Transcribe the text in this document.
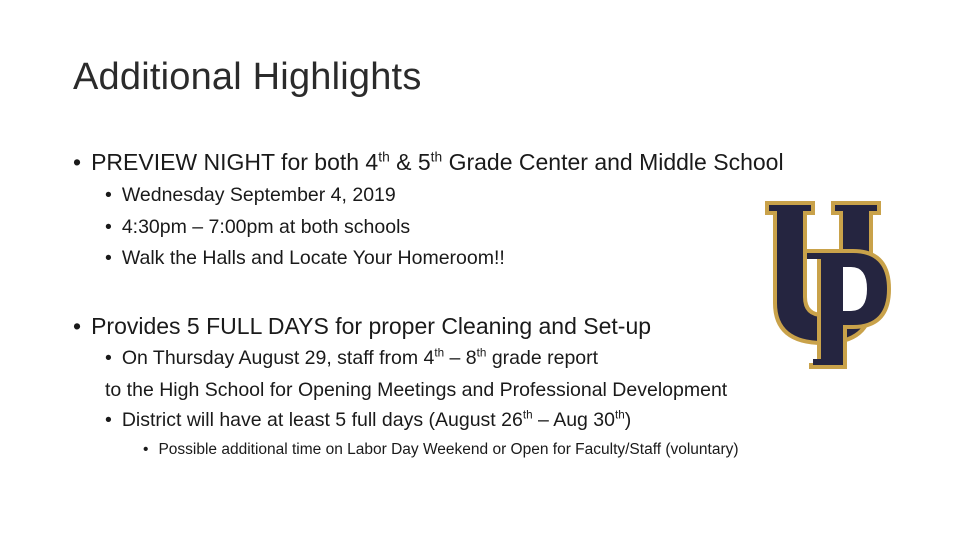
Additional Highlights
• PREVIEW NIGHT for both 4th & 5th Grade Center and Middle School
• Wednesday September 4, 2019
• 4:30pm – 7:00pm at both schools
• Walk the Halls and Locate Your Homeroom!!
• Provides 5 FULL DAYS for proper Cleaning and Set-up
• On Thursday August 29, staff from 4th – 8th grade report
to the High School for Opening Meetings and Professional Development
• District will have at least 5 full days (August 26th – Aug 30th)
• Possible additional time on Labor Day Weekend or Open for Faculty/Staff (voluntary)
